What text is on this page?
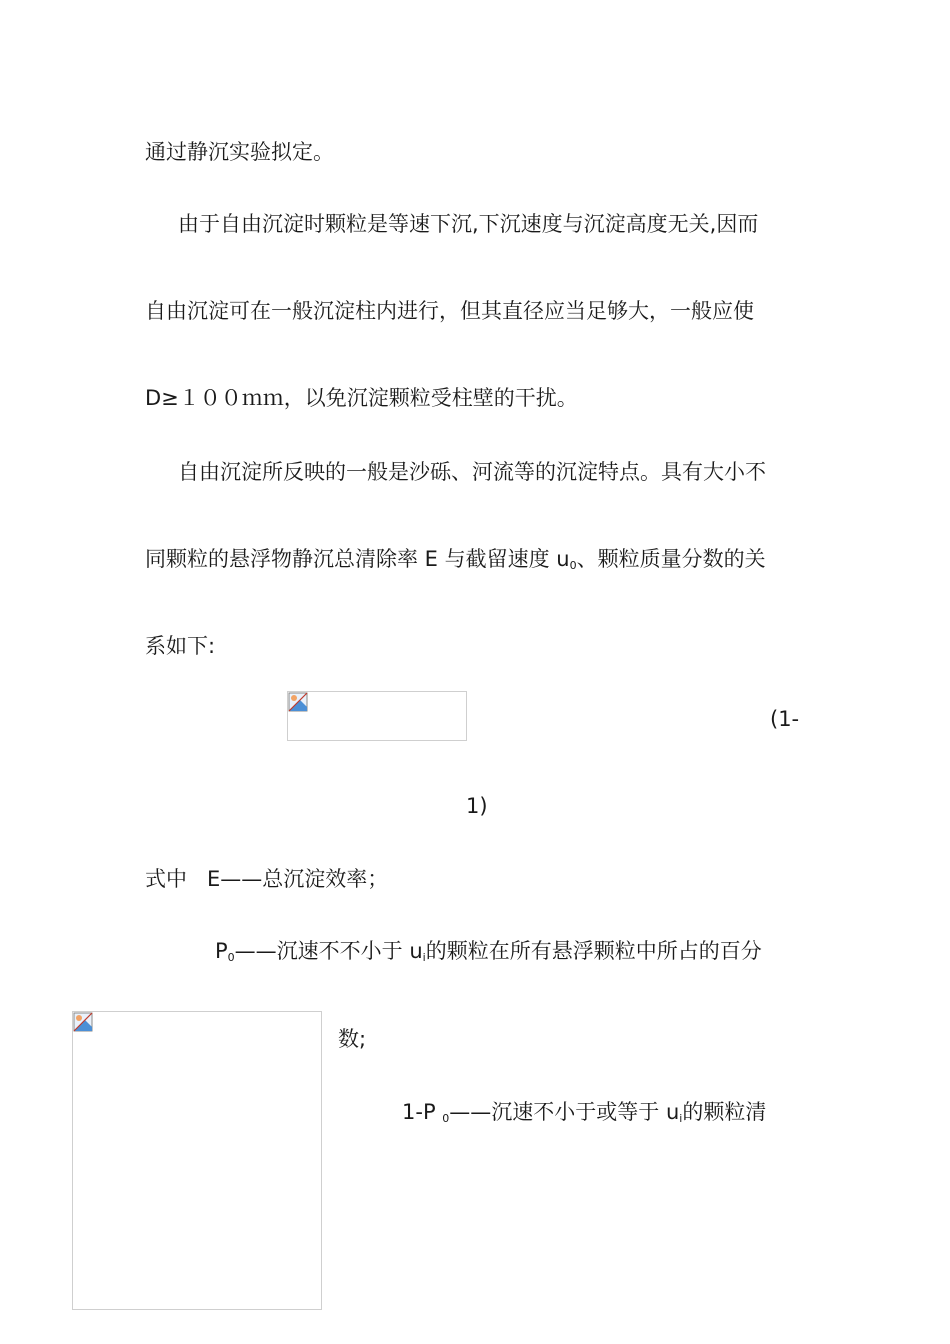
通过静沉实验拟定。
由于自由沉淀时颗粒是等速下沉,下沉速度与沉淀高度无关,因而
自由沉淀可在一般沉淀柱内进行，但其直径应当足够大，一般应使
D≥１００ｍｍ，以免沉淀颗粒受柱壁的干扰。
自由沉淀所反映的一般是沙砾、河流等的沉淀特点。具有大小不
同颗粒的悬浮物静沉总清除率 E 与截留速度 $u_0$、颗粒质量分数的关
系如下:
(1-
1)
式中   E——总沉淀效率；
$P_0——$沉速不不小于 $u_i$的颗粒在所有悬浮颗粒中所占的百分
数;
1-P $_0$——沉速不小于或等于 $u_i$的颗粒清
